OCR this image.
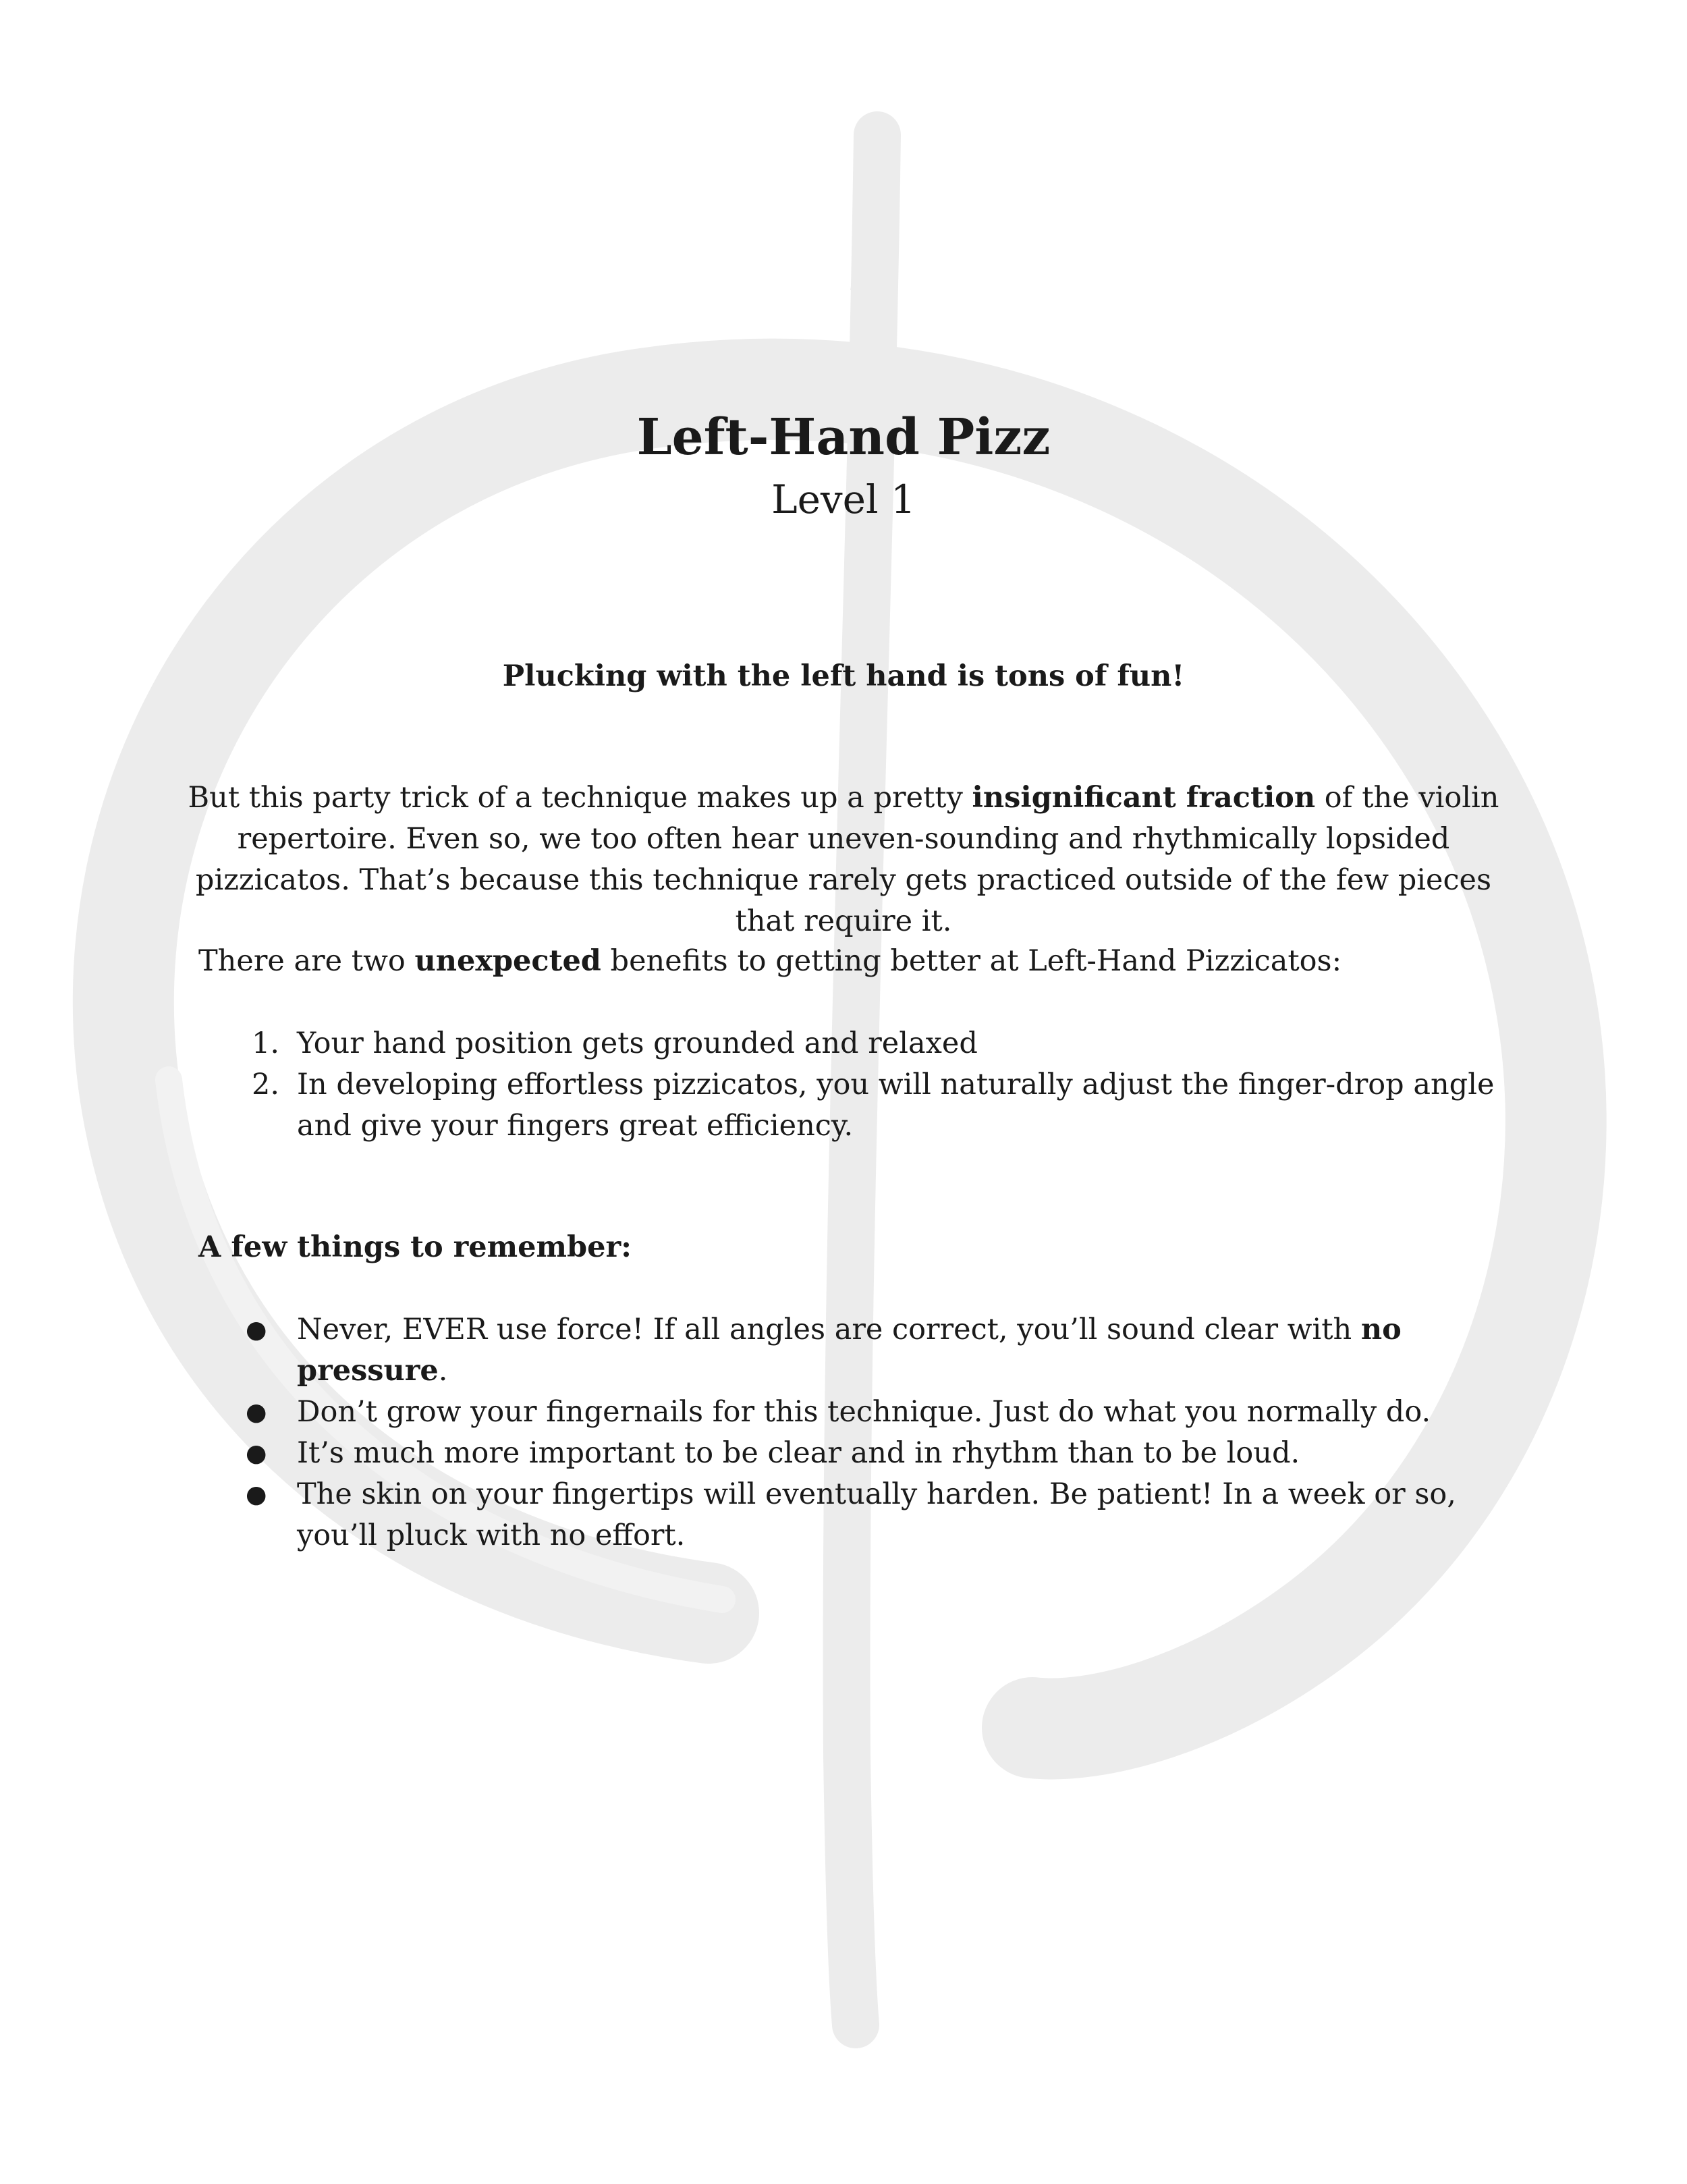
Left-Hand Pizz
Level 1
Plucking with the left hand is tons of fun!

But this party trick of a technique makes up a pretty insignificant fraction of the violin repertoire. Even so, we too often hear uneven-sounding and rhythmically lopsided pizzicatos. That’s because this technique rarely gets practiced outside of the few pieces that require it.

There are two unexpected benefits to getting better at Left-Hand Pizzicatos:

1. Your hand position gets grounded and relaxed
2. In developing effortless pizzicatos, you will naturally adjust the finger-drop angle and give your fingers great efficiency.
A few things to remember:
● Never, EVER use force! If all angles are correct, you’ll sound clear with no pressure.
● Don’t grow your fingernails for this technique. Just do what you normally do.
● It’s much more important to be clear and in rhythm than to be loud.
● The skin on your fingertips will eventually harden. Be patient! In a week or so, you’ll pluck with no effort.
